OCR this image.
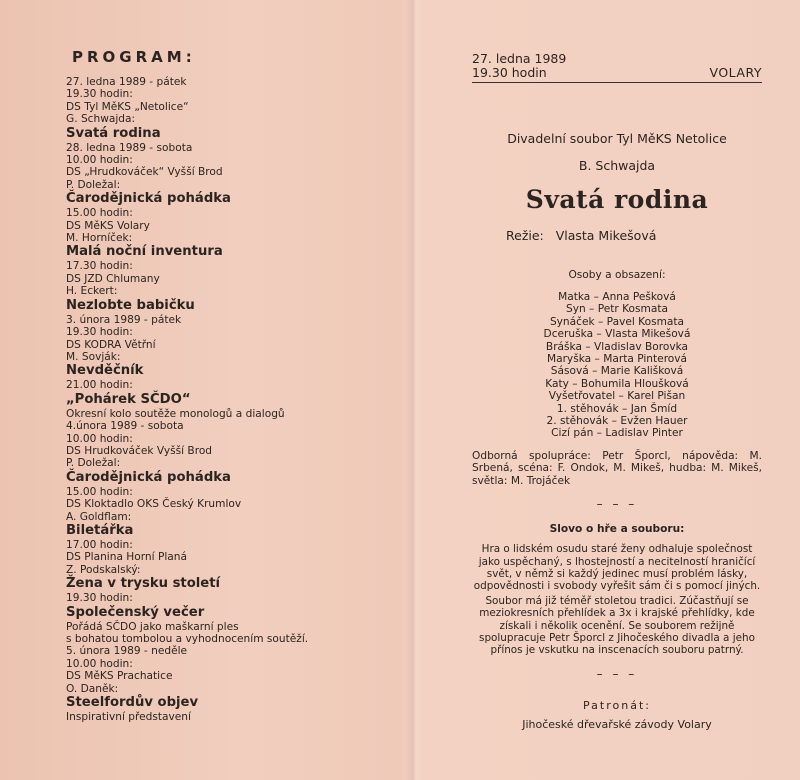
PROGRAM:
27. ledna 1989 - pátek
19.30 hodin:
DS Tyl MěKS „Netolice“
G. Schwajda:
Svatá rodina
28. ledna 1989 - sobota
10.00 hodin:
DS „Hrudkováček“ Vyšší Brod
P. Doležal:
Čarodějnická pohádka
15.00 hodin:
DS MěKS Volary
M. Horníček:
Malá noční inventura
17.30 hodin:
DS JZD Chlumany
H. Eckert:
Nezlobte babičku
3. února 1989 - pátek
19.30 hodin:
DS KODRA Větřní
M. Sovják:
Nevděčník
21.00 hodin:
„Pohárek SČDO“
Okresní kolo soutěže monologů a dialogů
4.února 1989 - sobota
10.00 hodin:
DS Hrudkováček Vyšší Brod
P. Doležal:
Čarodějnická pohádka
15.00 hodin:
DS Kloktadlo OKS Český Krumlov
A. Goldflam:
Biletářka
17.00 hodin:
DS Planina Horní Planá
Z. Podskalský:
Žena v trysku století
19.30 hodin:
Společenský večer
Pořádá SČDO jako maškarní ples
s bohatou tombolou a vyhodnocením soutěží.
5. února 1989 - neděle
10.00 hodin:
DS MěKS Prachatice
O. Daněk:
Steelfordův objev
Inspirativní představení
27. ledna 1989
19.30 hodin	VOLARY
Divadelní soubor Tyl MěKS Netolice
B. Schwajda
Svatá rodina
Režie: Vlasta Mikešová
Osoby a obsazení:
Matka – Anna Pešková
Syn – Petr Kosmata
Synáček – Pavel Kosmata
Dceruška – Vlasta Mikešová
Bráška – Vladislav Borovka
Maryška – Marta Pinterová
Sásová – Marie Kališková
Katy – Bohumila Hloušková
Vyšetřovatel – Karel Pišan
1. stěhovák – Jan Šmíd
2. stěhovák – Evžen Hauer
Cizí pán – Ladislav Pinter
Odborná spolupráce: Petr Šporcl, nápověda: M. Srbená, scéna: F. Ondok, M. Mikeš, hudba: M. Mikeš, světla: M. Trojáček
– – –
Slovo o hře a souboru:
Hra o lidském osudu staré ženy odhaluje společnost jako uspěchaný, s lhostejností a necitelností hraničící svět, v němž si každý jedinec musí problém lásky, odpovědnosti i svobody vyřešit sám či s pomocí jiných.
Soubor má již téměř stoletou tradici. Zúčastňují se meziokresních přehlídek a 3x i krajské přehlídky, kde získali i několik ocenění. Se souborem režijně spolupracuje Petr Šporcl z Jihočeského divadla a jeho přínos je vskutku na inscenacích souboru patrný.
– – –
Patronát:
Jihočeské dřevařské závody Volary
